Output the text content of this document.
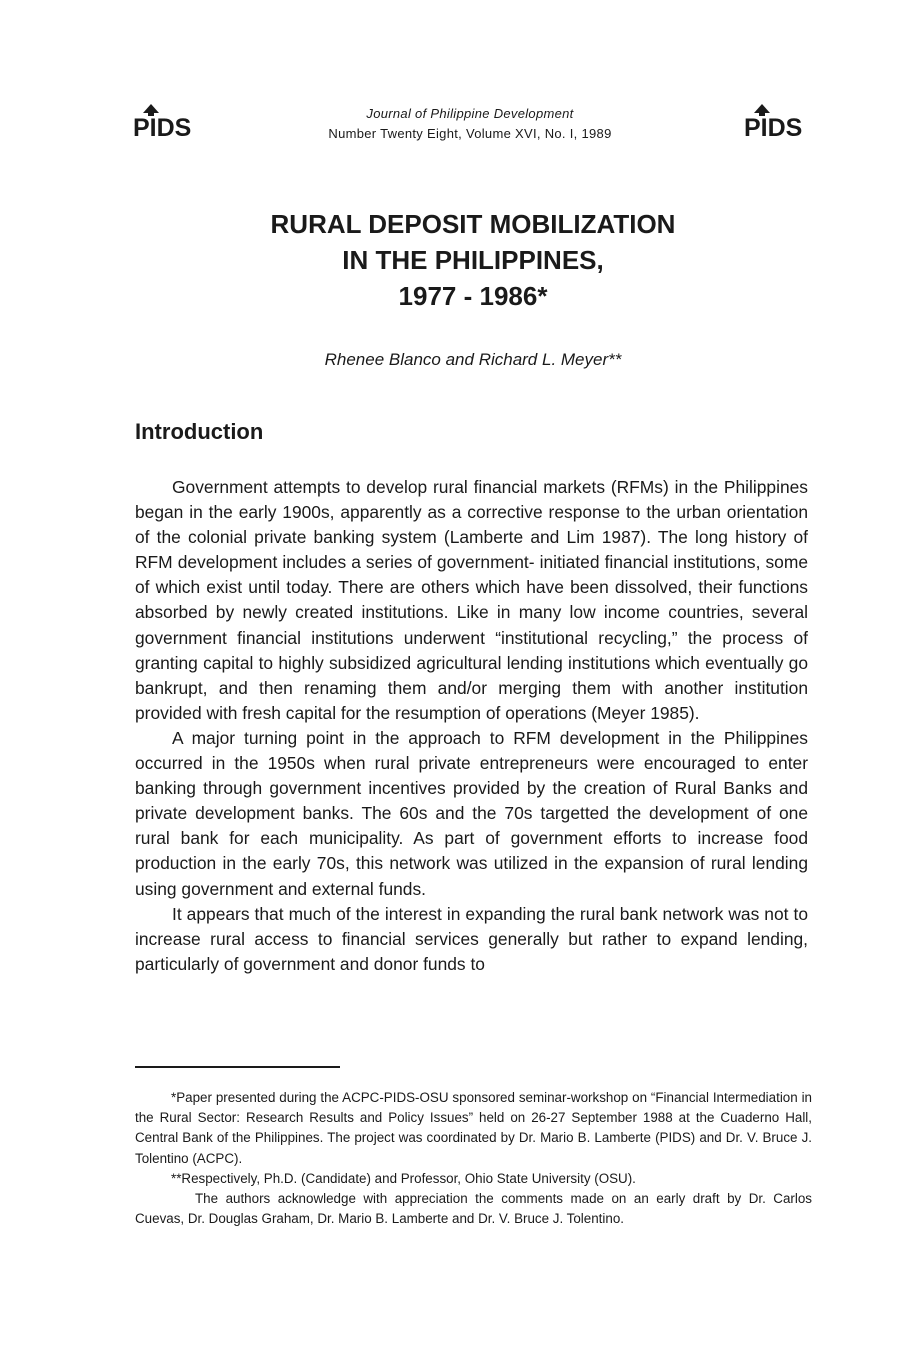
PIDS	PIDS
Journal of Philippine Development
Number Twenty Eight, Volume XVI, No. I, 1989
RURAL DEPOSIT MOBILIZATION
IN THE PHILIPPINES,
1977 - 1986*
Rhenee Blanco and Richard L. Meyer**
Introduction

Government attempts to develop rural financial markets (RFMs) in the Philippines began in the early 1900s, apparently as a corrective response to the urban orientation of the colonial private banking system (Lamberte and Lim 1987). The long history of RFM development includes a series of government- initiated financial institutions, some of which exist until today. There are others which have been dissolved, their functions absorbed by newly created institutions. Like in many low income countries, several government financial institutions underwent “institutional recycling,” the process of granting capital to highly subsidized agricultural lending institutions which eventually go bankrupt, and then renaming them and/or merging them with another institution provided with fresh capital for the resumption of operations (Meyer 1985).

A major turning point in the approach to RFM development in the Philippines occurred in the 1950s when rural private entrepreneurs were encouraged to enter banking through government incentives provided by the creation of Rural Banks and private development banks. The 60s and the 70s targetted the development of one rural bank for each municipality. As part of government efforts to increase food production in the early 70s, this network was utilized in the expansion of rural lending using government and external funds.

It appears that much of the interest in expanding the rural bank network was not to increase rural access to financial services generally but rather to expand lending, particularly of government and donor funds to

*Paper presented during the ACPC-PIDS-OSU sponsored seminar-workshop on “Financial Intermediation in the Rural Sector: Research Results and Policy Issues” held on 26-27 September 1988 at the Cuaderno Hall, Central Bank of the Philippines. The project was coordinated by Dr. Mario B. Lamberte (PIDS) and Dr. V. Bruce J. Tolentino (ACPC).

**Respectively, Ph.D. (Candidate) and Professor, Ohio State University (OSU).

The authors acknowledge with appreciation the comments made on an early draft by Dr. Carlos Cuevas, Dr. Douglas Graham, Dr. Mario B. Lamberte and Dr. V. Bruce J. Tolentino.
